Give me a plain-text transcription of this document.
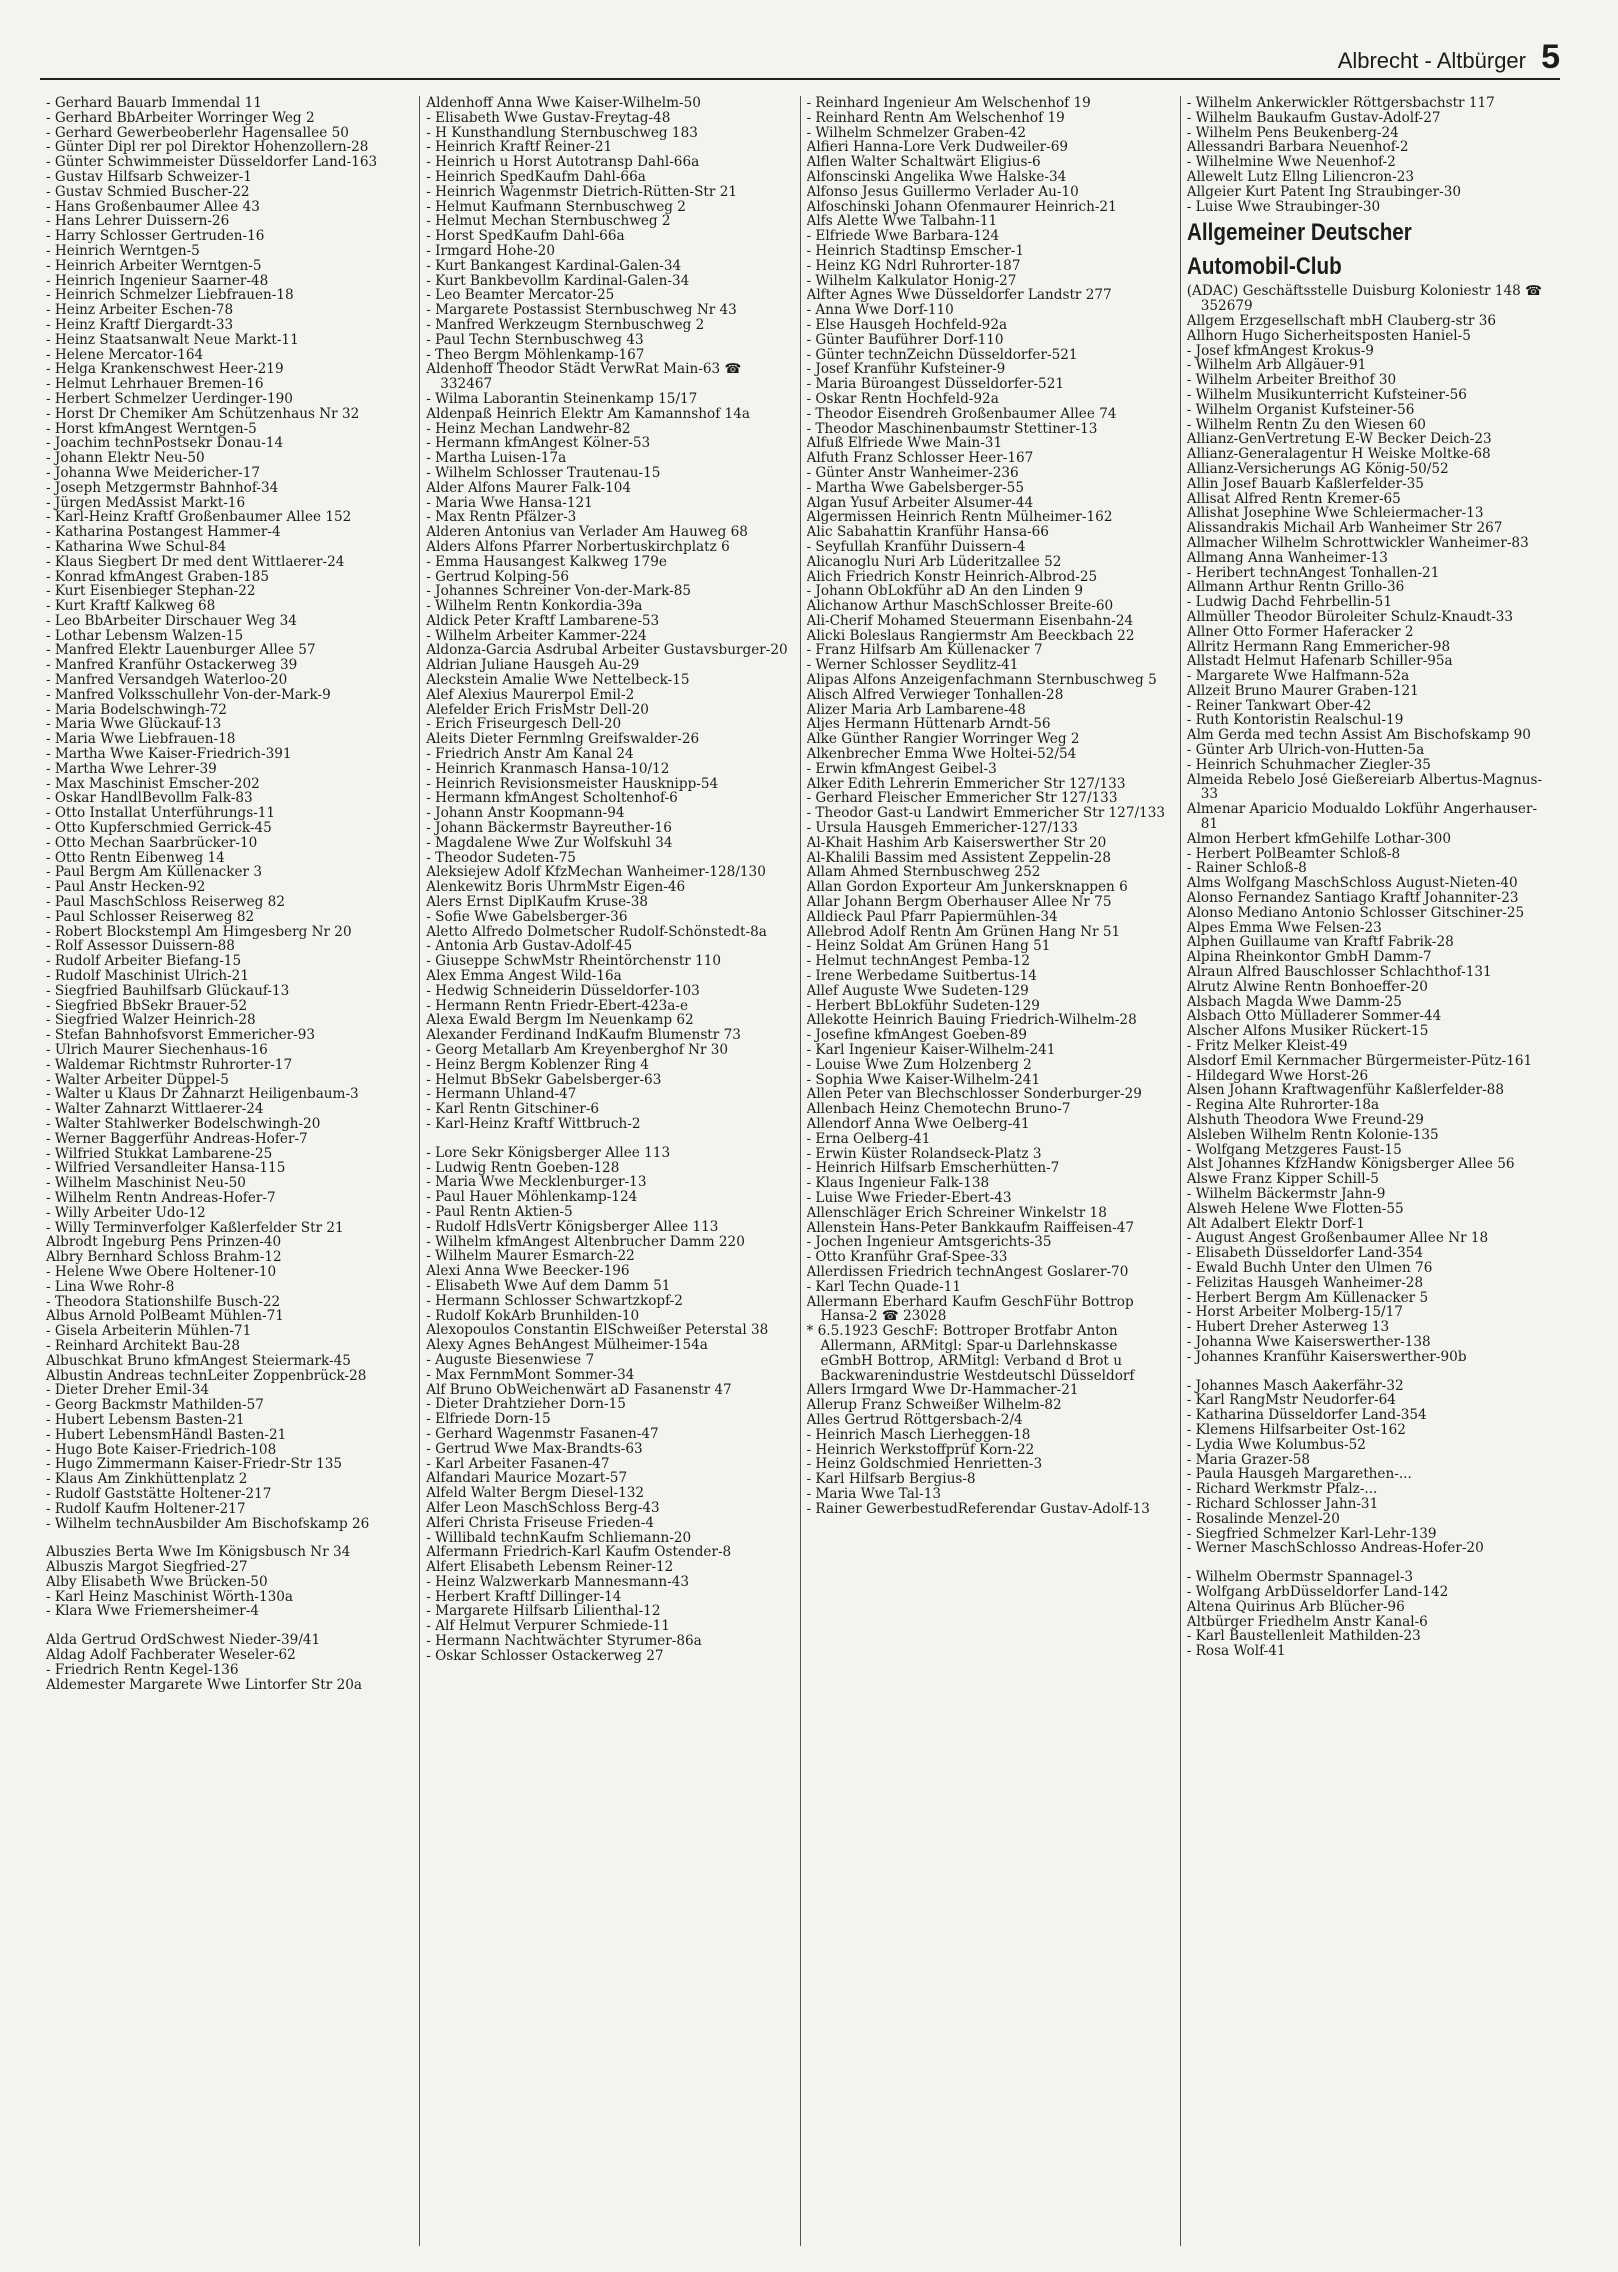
Albrecht - Altbürger 5
- Gerhard Bauarb Immendal 11
- Gerhard BbArbeiter Worringer Weg 2
- Gerhard Gewerbeoberlehr Hagensallee 50
- Günter Dipl rer pol Direktor Hohenzollern-28
- Günter Schwimmeister Düsseldorfer Land-163
- Gustav Hilfsarb Schweizer-1
- Gustav Schmied Buscher-22
- Hans Großenbaumer Allee 43
- Hans Lehrer Duissern-26
- Harry Schlosser Gertruden-16
- Heinrich Werntgen-5
- Heinrich Arbeiter Werntgen-5
- Heinrich Ingenieur Saarner-48
- Heinrich Schmelzer Liebfrauen-18
- Heinz Arbeiter Eschen-78
- Heinz Kraftf Diergardt-33
- Heinz Staatsanwalt Neue Markt-11
- Helene Mercator-164
- Helga Krankenschwest Heer-219
- Helmut Lehrhauer Bremen-16
- Herbert Schmelzer Uerdinger-190
- Horst Dr Chemiker Am Schützenhaus Nr 32
- Horst kfmAngest Werntgen-5
- Joachim technPostsekr Donau-14
- Johann Elektr Neu-50
- Johanna Wwe Meidericher-17
- Joseph Metzgermstr Bahnhof-34
- Jürgen MedAssist Markt-16
- Karl-Heinz Kraftf Großenbaumer Allee 152
- Katharina Postangest Hammer-4
- Katharina Wwe Schul-84
- Klaus Siegbert Dr med dent Wittlaerer-24
- Konrad kfmAngest Graben-185
- Kurt Eisenbieger Stephan-22
- Kurt Kraftf Kalkweg 68
- Leo BbArbeiter Dirschauer Weg 34
- Lothar Lebensm Walzen-15
- Manfred Elektr Lauenburger Allee 57
- Manfred Kranführ Ostackerweg 39
- Manfred Versandgeh Waterloo-20
- Manfred Volksschullehr Von-der-Mark-9
- Maria Bodelschwingh-72
- Maria Wwe Glückauf-13
- Maria Wwe Liebfrauen-18
- Martha Wwe Kaiser-Friedrich-391
- Martha Wwe Lehrer-39
- Max Maschinist Emscher-202
- Oskar HandlBevollm Falk-83
- Otto Installat Unterführungs-11
- Otto Kupferschmied Gerrick-45
- Otto Mechan Saarbrücker-10
- Otto Rentn Eibenweg 14
- Paul Bergm Am Küllenacker 3
- Paul Anstr Hecken-92
- Paul MaschSchloss Reiserweg 82
- Paul Schlosser Reiserweg 82
- Robert Blockstempl Am Himgesberg Nr 20
- Rolf Assessor Duissern-88
- Rudolf Arbeiter Biefang-15
- Rudolf Maschinist Ulrich-21
- Siegfried Bauhilfsarb Glückauf-13
- Siegfried BbSekr Brauer-52
- Siegfried Walzer Heinrich-28
- Stefan Bahnhofsvorst Emmericher-93
- Ulrich Maurer Siechenhaus-16
- Waldemar Richtmstr Ruhrorter-17
- Walter Arbeiter Düppel-5
- Walter u Klaus Dr Zahnarzt Heiligenbaum-3
- Walter Zahnarzt Wittlaerer-24
- Walter Stahlwerker Bodelschwingh-20
- Werner Baggerführ Andreas-Hofer-7
- Wilfried Stukkat Lambarene-25
- Wilfried Versandleiter Hansa-115
- Wilhelm Maschinist Neu-50
- Wilhelm Rentn Andreas-Hofer-7
- Willy Arbeiter Udo-12
- Willy Terminverfolger Kaßlerfelder Str 21
Albrodt Ingeburg Pens Prinzen-40
Albry Bernhard Schloss Brahm-12
- Helene Wwe Obere Holtener-10
- Lina Wwe Rohr-8
- Theodora Stationshilfe Busch-22
Albus Arnold PolBeamt Mühlen-71
- Gisela Arbeiterin Mühlen-71
- Reinhard Architekt Bau-28
Albuschkat Bruno kfmAngest Steiermark-45
Albustin Andreas technLeiter Zoppenbrück-28
- Dieter Dreher Emil-34
- Georg Backmstr Mathilden-57
- Hubert Lebensm Basten-21
- Hubert LebensmHändl Basten-21
- Hugo Bote Kaiser-Friedrich-108
- Hugo Zimmermann Kaiser-Friedr-Str 135
- Klaus Am Zinkhüttenplatz 2
- Rudolf Gaststätte Holtener-217
- Rudolf Kaufm Holtener-217
- Wilhelm technAusbilder Am Bischofskamp 26
Albuszies Berta Wwe Im Königsbusch Nr 34
Albuszis Margot Siegfried-27
Alby Elisabeth Wwe Brücken-50
- Karl Heinz Maschinist Wörth-130a
- Klara Wwe Friemersheimer-4
Alda Gertrud OrdSchwest Nieder-39/41
Aldag Adolf Fachberater Weseler-62
- Friedrich Rentn Kegel-136
Aldemester Margarete Wwe Lintorfer Str 20a
Aldenhoff Anna Wwe Kaiser-Wilhelm-50
- Elisabeth Wwe Gustav-Freytag-48
- H Kunsthandlung Sternbuschweg 183
- Heinrich Kraftf Reiner-21
- Heinrich u Horst Autotransp Dahl-66a
- Heinrich SpedKaufm Dahl-66a
- Heinrich Wagenmstr Dietrich-Rütten-Str 21
- Helmut Kaufmann Sternbuschweg 2
- Helmut Mechan Sternbuschweg 2
- Horst SpedKaufm Dahl-66a
- Irmgard Hohe-20
- Kurt Bankangest Kardinal-Galen-34
- Kurt Bankbevollm Kardinal-Galen-34
- Leo Beamter Mercator-25
- Margarete Postassist Sternbuschweg Nr 43
- Manfred Werkzeugm Sternbuschweg 2
- Paul Techn Sternbuschweg 43
- Theo Bergm Möhlenkamp-167
Aldenhoff Theodor Städt VerwRat Main-63 ☎ 332467
- Wilma Laborantin Steinenkamp 15/17
Aldenpaß Heinrich Elektr Am Kamannshof 14a
- Heinz Mechan Landwehr-82
- Hermann kfmAngest Kölner-53
- Martha Luisen-17a
- Wilhelm Schlosser Trautenau-15
Alder Alfons Maurer Falk-104
- Maria Wwe Hansa-121
- Max Rentn Pfälzer-3
Alderen Antonius van Verlader Am Hauweg 68
Alders Alfons Pfarrer Norbertuskirchplatz 6
- Emma Hausangest Kalkweg 179e
- Gertrud Kolping-56
- Johannes Schreiner Von-der-Mark-85
- Wilhelm Rentn Konkordia-39a
Aldick Peter Kraftf Lambarene-53
- Wilhelm Arbeiter Kammer-224
Aldonza-Garcia Asdrubal Arbeiter Gustavsburger-20
Aldrian Juliane Hausgeh Au-29
Aleckstein Amalie Wwe Nettelbeck-15
Alef Alexius Maurerpol Emil-2
Alefelder Erich FrisMstr Dell-20
- Erich Friseurgesch Dell-20
Aleits Dieter Fernmlng Greifswalder-26
- Friedrich Anstr Am Kanal 24
- Heinrich Kranmasch Hansa-10/12
- Heinrich Revisionsmeister Hausknipp-54
- Hermann kfmAngest Scholtenhof-6
- Johann Anstr Koopmann-94
- Johann Bäckermstr Bayreuther-16
- Magdalene Wwe Zur Wolfskuhl 34
- Theodor Sudeten-75
Aleksiejew Adolf KfzMechan Wanheimer-128/130
Alenkewitz Boris UhrmMstr Eigen-46
Alers Ernst DiplKaufm Kruse-38
- Sofie Wwe Gabelsberger-36
Aletto Alfredo Dolmetscher Rudolf-Schönstedt-8a
- Antonia Arb Gustav-Adolf-45
- Giuseppe SchwMstr Rheintörchenstr 110
Alex Emma Angest Wild-16a
- Hedwig Schneiderin Düsseldorfer-103
- Hermann Rentn Friedr-Ebert-423a-e
Alexa Ewald Bergm Im Neuenkamp 62
Alexander Ferdinand IndKaufm Blumenstr 73
- Georg Metallarb Am Kreyenberghof Nr 30
- Heinz Bergm Koblenzer Ring 4
- Helmut BbSekr Gabelsberger-63
- Hermann Uhland-47
- Karl Rentn Gitschiner-6
- Karl-Heinz Kraftf Wittbruch-2
- Lore Sekr Königsberger Allee 113
- Ludwig Rentn Goeben-128
- Maria Wwe Mecklenburger-13
- Paul Hauer Möhlenkamp-124
- Paul Rentn Aktien-5
- Rudolf HdlsVertr Königsberger Allee 113
- Wilhelm kfmAngest Altenbrucher Damm 220
- Wilhelm Maurer Esmarch-22
Alexi Anna Wwe Beecker-196
- Elisabeth Wwe Auf dem Damm 51
- Hermann Schlosser Schwartzkopf-2
- Rudolf KokArb Brunhilden-10
Alexopoulos Constantin ElSchweißer Peterstal 38
Alexy Agnes BehAngest Mülheimer-154a
- Auguste Biesenwiese 7
- Max FernmMont Sommer-34
Alf Bruno ObWeichenwärt aD Fasanenstr 47
- Dieter Drahtzieher Dorn-15
- Elfriede Dorn-15
- Gerhard Wagenmstr Fasanen-47
- Gertrud Wwe Max-Brandts-63
- Karl Arbeiter Fasanen-47
Alfandari Maurice Mozart-57
Alfeld Walter Bergm Diesel-132
Alfer Leon MaschSchloss Berg-43
Alferi Christa Friseuse Frieden-4
- Willibald technKaufm Schliemann-20
Alfermann Friedrich-Karl Kaufm Ostender-8
Alfert Elisabeth Lebensm Reiner-12
- Heinz Walzwerkarb Mannesmann-43
- Herbert Kraftf Dillinger-14
- Margarete Hilfsarb Lilienthal-12
- Alf Helmut Verpurer Schmiede-11
- Hermann Nachtwächter Styrumer-86a
- Oskar Schlosser Ostackerweg 27
- Reinhard Ingenieur Am Welschenhof 19
- Reinhard Rentn Am Welschenhof 19
- Wilhelm Schmelzer Graben-42
Alfieri Hanna-Lore Verk Dudweiler-69
Alflen Walter Schaltwärt Eligius-6
Alfonscinski Angelika Wwe Halske-34
Alfonso Jesus Guillermo Verlader Au-10
Alfoschinski Johann Ofenmaurer Heinrich-21
Alfs Alette Wwe Talbahn-11
- Elfriede Wwe Barbara-124
- Heinrich Stadtinsp Emscher-1
- Heinz KG Ndrl Ruhrorter-187
- Wilhelm Kalkulator Honig-27
Alfter Agnes Wwe Düsseldorfer Landstr 277
- Anna Wwe Dorf-110
- Else Hausgeh Hochfeld-92a
- Günter Bauführer Dorf-110
- Günter technZeichn Düsseldorfer-521
- Josef Kranführ Kufsteiner-9
- Maria Büroangest Düsseldorfer-521
- Oskar Rentn Hochfeld-92a
- Theodor Eisendreh Großenbaumer Allee 74
- Theodor Maschinenbaumstr Stettiner-13
Alfuß Elfriede Wwe Main-31
Alfuth Franz Schlosser Heer-167
- Günter Anstr Wanheimer-236
- Martha Wwe Gabelsberger-55
Algan Yusuf Arbeiter Alsumer-44
Algermissen Heinrich Rentn Mülheimer-162
Alic Sabahattin Kranführ Hansa-66
- Seyfullah Kranführ Duissern-4
Alicanoglu Nuri Arb Lüderitzallee 52
Alich Friedrich Konstr Heinrich-Albrod-25
- Johann ObLokführ aD An den Linden 9
Alichanow Arthur MaschSchlosser Breite-60
Ali-Cherif Mohamed Steuermann Eisenbahn-24
Alicki Boleslaus Rangiermstr Am Beeckbach 22
- Franz Hilfsarb Am Küllenacker 7
- Werner Schlosser Seydlitz-41
Alipas Alfons Anzeigenfachmann Sternbuschweg 5
Alisch Alfred Verwieger Tonhallen-28
Alizer Maria Arb Lambarene-48
Aljes Hermann Hüttenarb Arndt-56
Alke Günther Rangier Worringer Weg 2
Alkenbrecher Emma Wwe Holtei-52/54
- Erwin kfmAngest Geibel-3
Alker Edith Lehrerin Emmericher Str 127/133
- Gerhard Fleischer Emmericher Str 127/133
- Theodor Gast-u Landwirt Emmericher Str 127/133
- Ursula Hausgeh Emmericher-127/133
Al-Khait Hashim Arb Kaiserswerther Str 20
Al-Khalili Bassim med Assistent Zeppelin-28
Allam Ahmed Sternbuschweg 252
Allan Gordon Exporteur Am Junkersknappen 6
Allar Johann Bergm Oberhauser Allee Nr 75
Alldieck Paul Pfarr Papiermühlen-34
Allebrod Adolf Rentn Am Grünen Hang Nr 51
- Heinz Soldat Am Grünen Hang 51
- Helmut technAngest Pemba-12
- Irene Werbedame Suitbertus-14
Allef Auguste Wwe Sudeten-129
- Herbert BbLokführ Sudeten-129
Allekotte Heinrich Bauing Friedrich-Wilhelm-28
- Josefine kfmAngest Goeben-89
- Karl Ingenieur Kaiser-Wilhelm-241
- Louise Wwe Zum Holzenberg 2
- Sophia Wwe Kaiser-Wilhelm-241
Allen Peter van Blechschlosser Sonderburger-29
Allenbach Heinz Chemotechn Bruno-7
Allendorf Anna Wwe Oelberg-41
- Erna Oelberg-41
- Erwin Küster Rolandseck-Platz 3
- Heinrich Hilfsarb Emscherhütten-7
- Klaus Ingenieur Falk-138
- Luise Wwe Frieder-Ebert-43
Allenschläger Erich Schreiner Winkelstr 18
Allenstein Hans-Peter Bankkaufm Raiffeisen-47
- Jochen Ingenieur Amtsgerichts-35
- Otto Kranführ Graf-Spee-33
Allerdissen Friedrich technAngest Goslarer-70
- Karl Techn Quade-11
Allermann Eberhard Kaufm GeschFühr Bottrop Hansa-2 ☎ 23028
* 6.5.1923 GeschF: Bottroper Brotfabr Anton Allermann, ARMitgl: Spar-u Darlehnskasse eGmbH Bottrop, ARMitgl: Verband d Brot u Backwarenindustrie Westdeutschl Düsseldorf
Allers Irmgard Wwe Dr-Hammacher-21
Allerup Franz Schweißer Wilhelm-82
Alles Gertrud Röttgersbach-2/4
- Heinrich Masch Lierheggen-18
- Heinrich Werkstoffprüf Korn-22
- Heinz Goldschmied Henrietten-3
- Karl Hilfsarb Bergius-8
- Maria Wwe Tal-13
- Rainer GewerbestudReferendar Gustav-Adolf-13
- Wilhelm Ankerwickler Röttgersbachstr 117
- Wilhelm Baukaufm Gustav-Adolf-27
- Wilhelm Pens Beukenberg-24
Allessandri Barbara Neuenhof-2
- Wilhelmine Wwe Neuenhof-2
Allewelt Lutz Ellng Liliencron-23
Allgeier Kurt Patent Ing Straubinger-30
- Luise Wwe Straubinger-30
Allgemeiner Deutscher
Automobil-Club
(ADAC) Geschäftsstelle Duisburg Koloniestr 148 ☎ 352679
Allgem Erzgesellschaft mbH Clauberg-str 36
Allhorn Hugo Sicherheitsposten Haniel-5
- Josef kfmAngest Krokus-9
- Wilhelm Arb Allgäuer-91
- Wilhelm Arbeiter Breithof 30
- Wilhelm Musikunterricht Kufsteiner-56
- Wilhelm Organist Kufsteiner-56
- Wilhelm Rentn Zu den Wiesen 60
Allianz-GenVertretung E-W Becker Deich-23
Allianz-Generalagentur H Weiske Moltke-68
Allianz-Versicherungs AG König-50/52
Allin Josef Bauarb Kaßlerfelder-35
Allisat Alfred Rentn Kremer-65
Allishat Josephine Wwe Schleiermacher-13
Alissandrakis Michail Arb Wanheimer Str 267
Allmacher Wilhelm Schrottwickler Wanheimer-83
Allmang Anna Wanheimer-13
- Heribert technAngest Tonhallen-21
Allmann Arthur Rentn Grillo-36
- Ludwig Dachd Fehrbellin-51
Allmüller Theodor Büroleiter Schulz-Knaudt-33
Allner Otto Former Haferacker 2
Allritz Hermann Rang Emmericher-98
Allstadt Helmut Hafenarb Schiller-95a
- Margarete Wwe Halfmann-52a
Allzeit Bruno Maurer Graben-121
- Reiner Tankwart Ober-42
- Ruth Kontoristin Realschul-19
Alm Gerda med techn Assist Am Bischofskamp 90
- Günter Arb Ulrich-von-Hutten-5a
- Heinrich Schuhmacher Ziegler-35
Almeida Rebelo José Gießereiarb Albertus-Magnus-33
Almenar Aparicio Modualdo Lokführ Angerhauser-81
Almon Herbert kfmGehilfe Lothar-300
- Herbert PolBeamter Schloß-8
- Rainer Schloß-8
Alms Wolfgang MaschSchloss August-Nieten-40
Alonso Fernandez Santiago Kraftf Johanniter-23
Alonso Mediano Antonio Schlosser Gitschiner-25
Alpes Emma Wwe Felsen-23
Alphen Guillaume van Kraftf Fabrik-28
Alpina Rheinkontor GmbH Damm-7
Alraun Alfred Bauschlosser Schlachthof-131
Alrutz Alwine Rentn Bonhoeffer-20
Alsbach Magda Wwe Damm-25
Alsbach Otto Mülladerer Sommer-44
Alscher Alfons Musiker Rückert-15
- Fritz Melker Kleist-49
Alsdorf Emil Kernmacher Bürgermeister-Pütz-161
- Hildegard Wwe Horst-26
Alsen Johann Kraftwagenführ Kaßlerfelder-88
- Regina Alte Ruhrorter-18a
Alshuth Theodora Wwe Freund-29
Alsleben Wilhelm Rentn Kolonie-135
- Wolfgang Metzgeres Faust-15
Alst Johannes KfzHandw Königsberger Allee 56
Alswe Franz Kipper Schill-5
- Wilhelm Bäckermstr Jahn-9
Alsweh Helene Wwe Flotten-55
Alt Adalbert Elektr Dorf-1
- August Angest Großenbaumer Allee Nr 18
- Elisabeth Düsseldorfer Land-354
- Ewald Buchh Unter den Ulmen 76
- Felizitas Hausgeh Wanheimer-28
- Herbert Bergm Am Küllenacker 5
- Horst Arbeiter Molberg-15/17
- Hubert Dreher Asterweg 13
- Johanna Wwe Kaiserswerther-138
- Johannes Kranführ Kaiserswerther-90b
- Johannes Masch Aakerfähr-32
- Karl RangMstr Neudorfer-64
- Katharina Düsseldorfer Land-354
- Klemens Hilfsarbeiter Ost-162
- Lydia Wwe Kolumbus-52
- Maria Grazer-58
- Paula Hausgeh Margarethen-...
- Richard Werkmstr Pfalz-...
- Richard Schlosser Jahn-31
- Rosalinde Menzel-20
- Siegfried Schmelzer Karl-Lehr-139
- Werner MaschSchlosso Andreas-Hofer-20
- Wilhelm Obermstr Spannagel-3
- Wolfgang ArbDüsseldorfer Land-142
Altena Quirinus Arb Blücher-96
Altbürger Friedhelm Anstr Kanal-6
- Karl Baustellenleit Mathilden-23
- Rosa Wolf-41
